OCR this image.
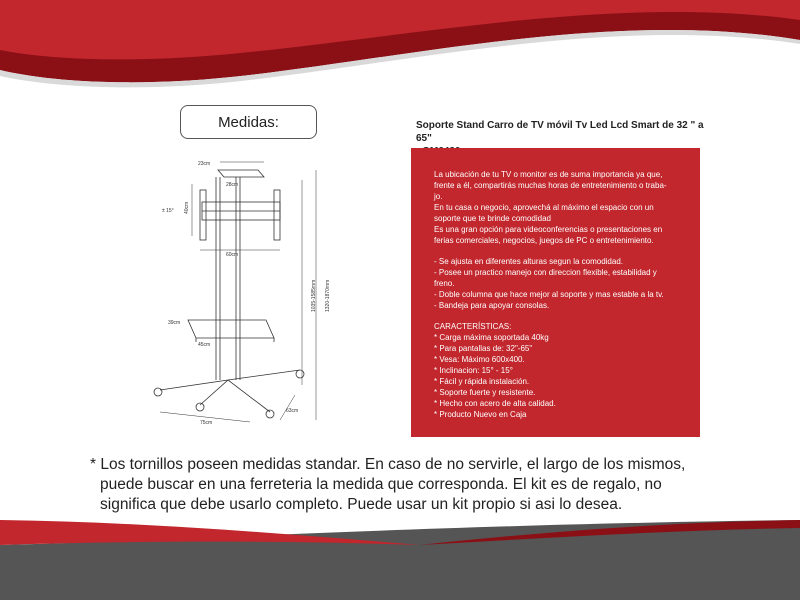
Medidas:
23cm
28cm
± 15° 40cm
60cm
1035-1585mm 1320-1870mm
39cm
45cm
75cm
63cm
Soporte Stand Carro de TV móvil Tv Led Lcd Smart de 32 " a 65"

La ubicación de tu TV o monitor es de suma importancia ya que,

frente a él, compartirás muchas horas de entretenimiento o traba-

jo.

En tu casa o negocio, aprovechá al máximo el espacio con un

soporte que te brinde comodidad

Es una gran opción para videoconferencias o presentaciones en

ferias comerciales, negocios, juegos de PC o entretenimiento.

- Se ajusta en diferentes alturas segun la comodidad.

- Posee un practico manejo con direccion flexible, estabilidad y

freno.

- Doble columna que hace mejor al soporte y mas estable a la tv.

- Bandeja para apoyar consolas.

CARACTERÍSTICAS:

* Carga máxima soportada 40kg

* Para pantallas de: 32"-65"

* Vesa: Máximo 600x400.

* Inclinacion: 15° - 15°

* Fácil y rápida instalación.

* Soporte fuerte y resistente.

* Hecho con acero de alta calidad.

* Producto Nuevo en Caja

* Los tornillos poseen medidas standar. En caso de no servirle, el largo de los mismos,
puede buscar en una ferreteria la medida que corresponda. El kit es de regalo, no
significa que debe usarlo completo. Puede usar un kit propio si asi lo desea.
